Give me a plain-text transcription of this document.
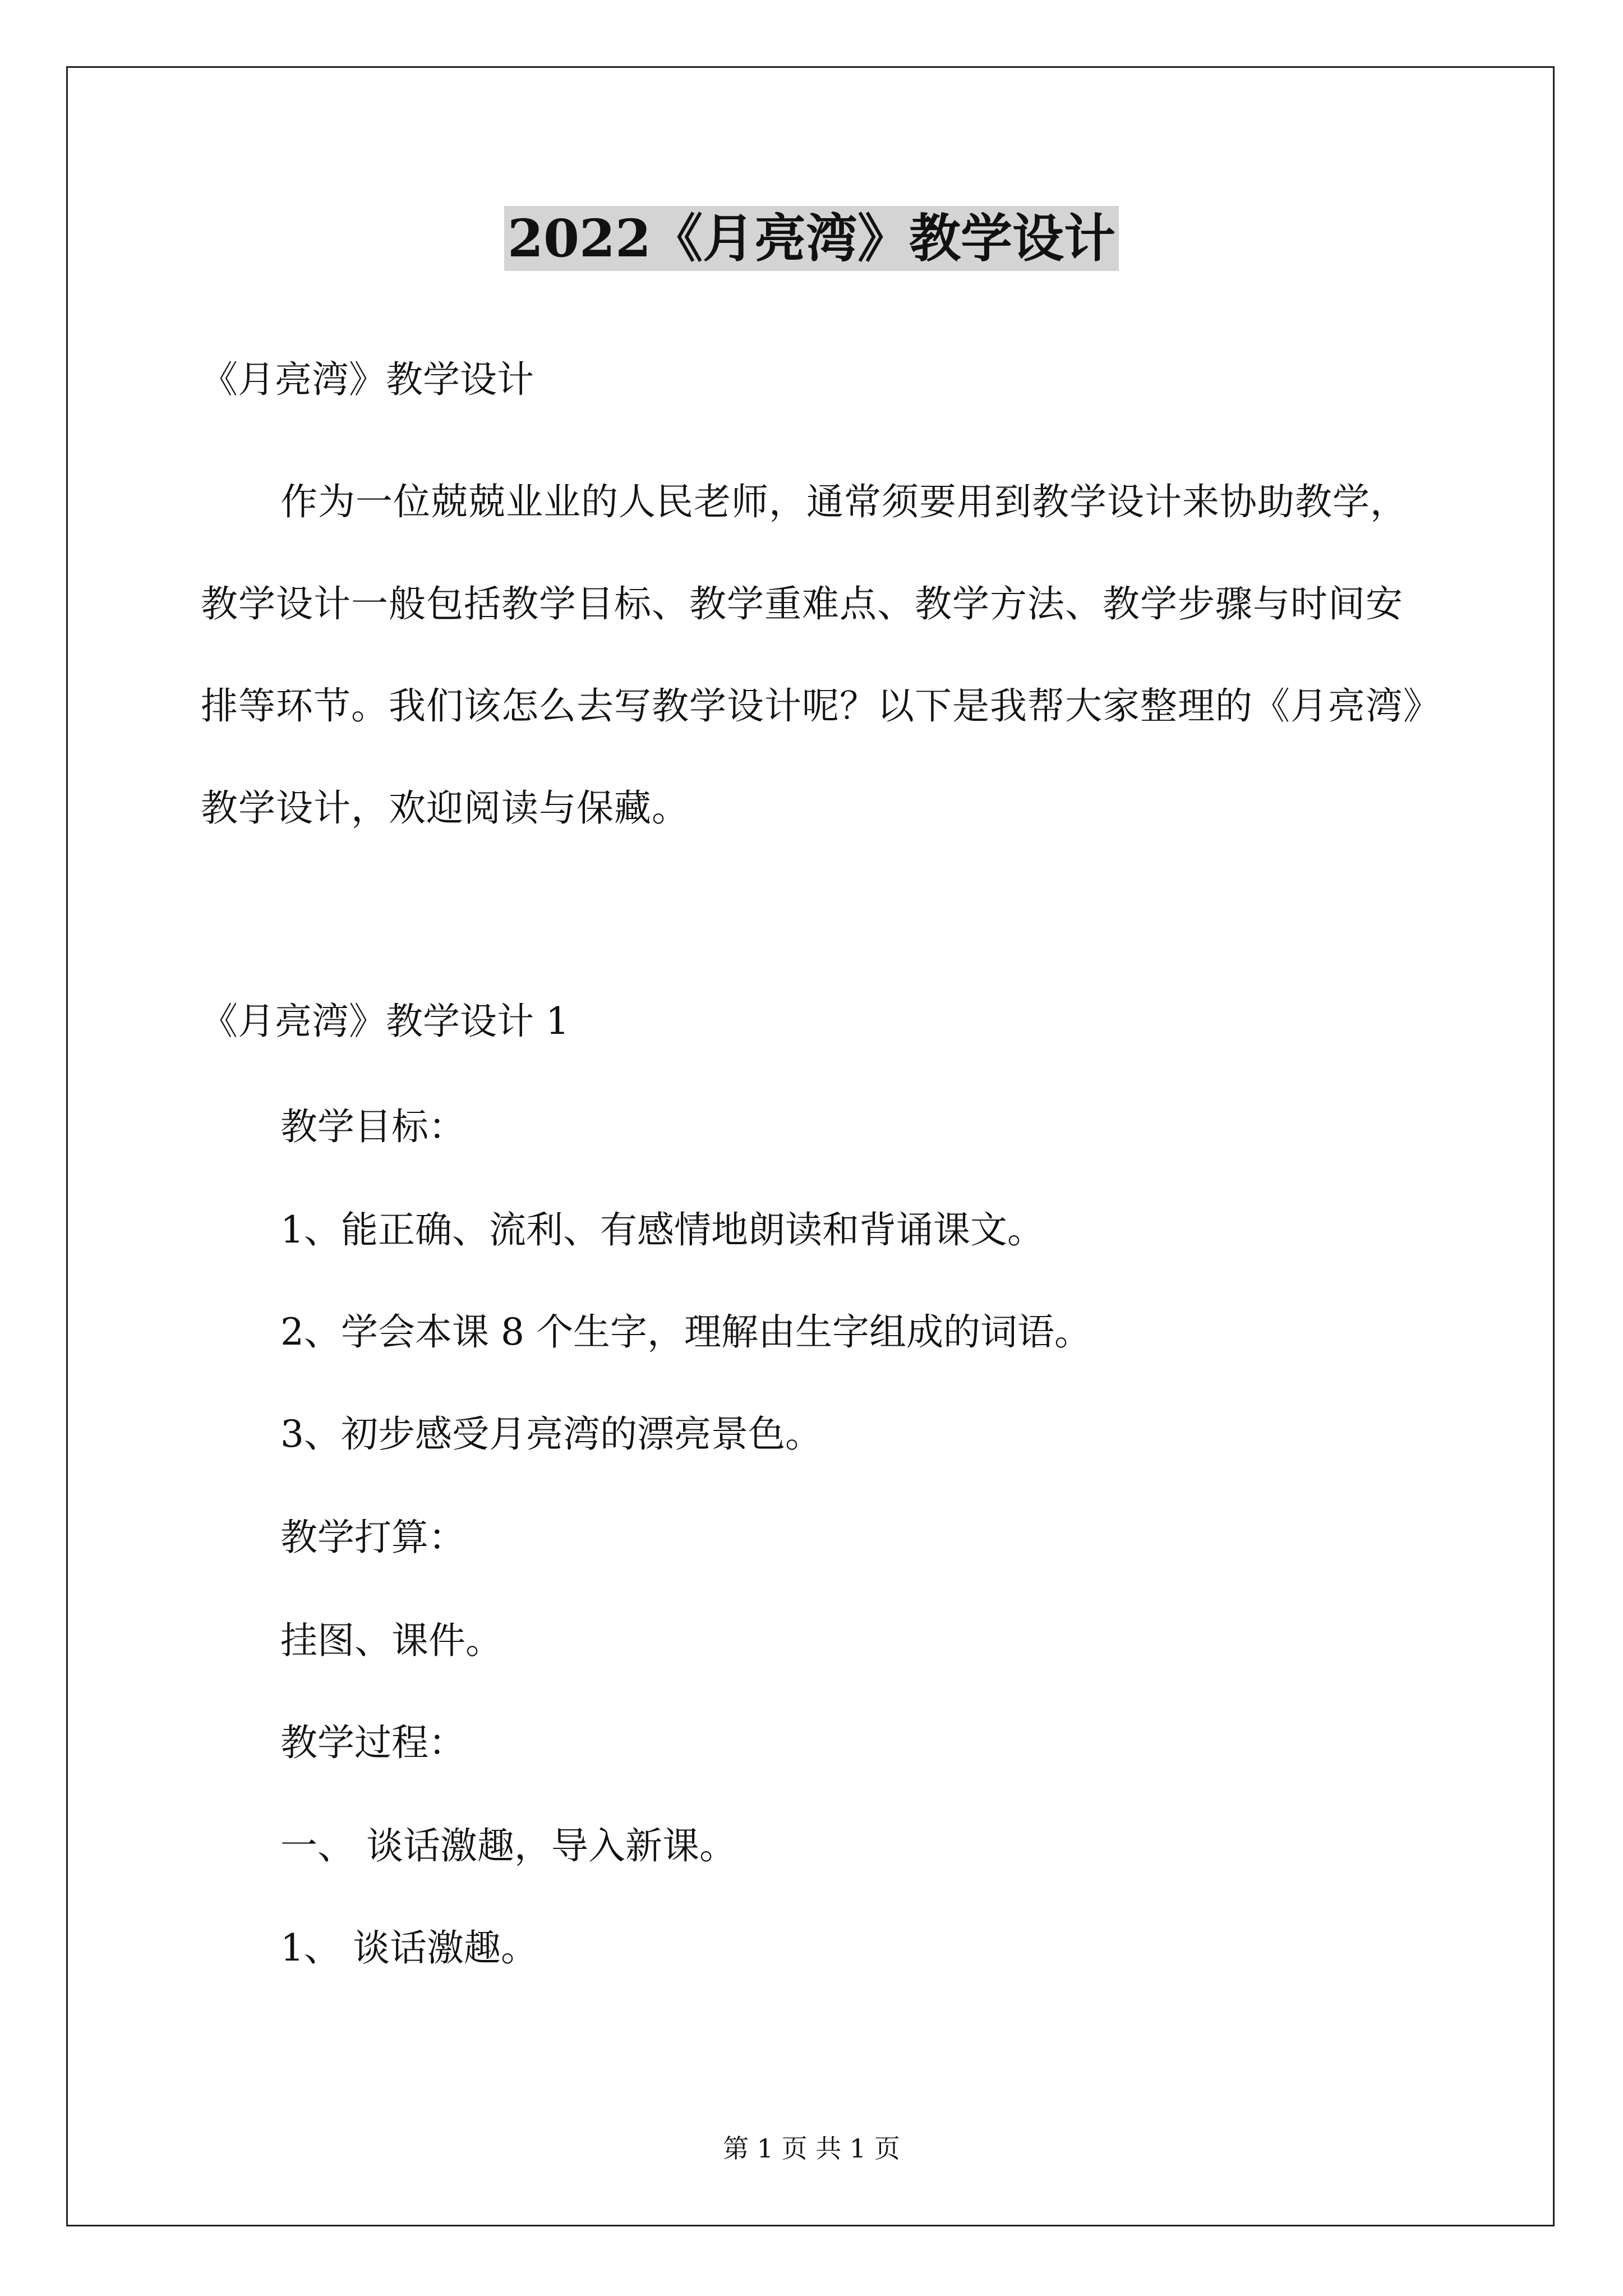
2022《月亮湾》教学设计
《月亮湾》教学设计
作为一位兢兢业业的人民老师，通常须要用到教学设计来协助教学，教学设计一般包括教学目标、教学重难点、教学方法、教学步骤与时间安排等环节。我们该怎么去写教学设计呢？以下是我帮大家整理的《月亮湾》教学设计，欢迎阅读与保藏。
《月亮湾》教学设计 1
教学目标：
1、能正确、流利、有感情地朗读和背诵课文。
2、学会本课 8 个生字，理解由生字组成的词语。
3、初步感受月亮湾的漂亮景色。
教学打算：
挂图、课件。
教学过程：
一、 谈话激趣，导入新课。
1、 谈话激趣。
第 1 页 共 1 页
